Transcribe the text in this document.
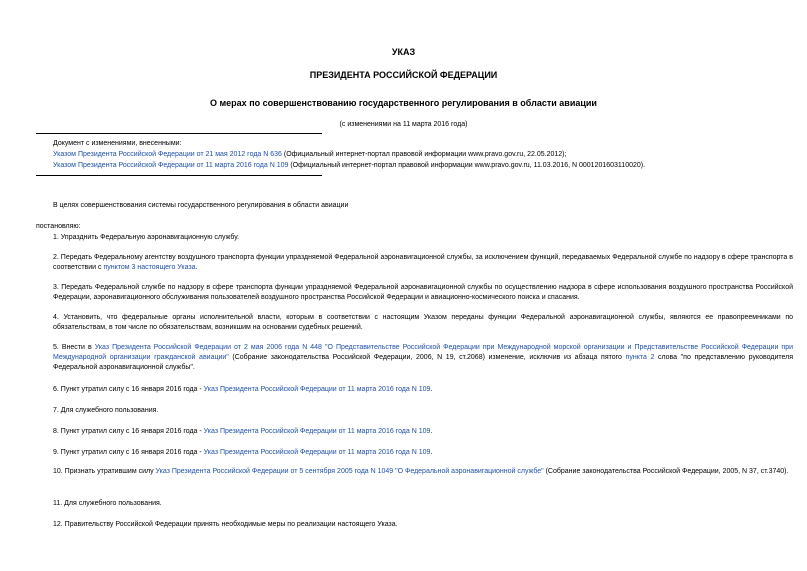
УКАЗ
ПРЕЗИДЕНТА РОССИЙСКОЙ ФЕДЕРАЦИИ
О мерах по совершенствованию государственного регулирования в области авиации
(с изменениями на 11 марта 2016 года)
Документ с изменениями, внесенными:
Указом Президента Российской Федерации от 21 мая 2012 года N 636 (Официальный интернет-портал правовой информации www.pravo.gov.ru, 22.05.2012);
Указом Президента Российской Федерации от 11 марта 2016 года N 109 (Официальный интернет-портал правовой информации www.pravo.gov.ru, 11.03.2016, N 0001201603110020).
В целях совершенствования системы государственного регулирования в области авиации
постановляю:
1. Упразднить Федеральную аэронавигационную службу.
2. Передать Федеральному агентству воздушного транспорта функции упраздняемой Федеральной аэронавигационной службы, за исключением функций, передаваемых Федеральной службе по надзору в сфере транспорта в соответствии с пунктом 3 настоящего Указа.
3. Передать Федеральной службе по надзору в сфере транспорта функции упраздняемой Федеральной аэронавигационной службы по осуществлению надзора в сфере использования воздушного пространства Российской Федерации, аэронавигационного обслуживания пользователей воздушного пространства Российской Федерации и авиационно-космического поиска и спасания.
4. Установить, что федеральные органы исполнительной власти, которым в соответствии с настоящим Указом переданы функции Федеральной аэронавигационной службы, являются ее правопреемниками по обязательствам, в том числе по обязательствам, возникшим на основании судебных решений.
5. Внести в Указ Президента Российской Федерации от 2 мая 2006 года N 448 "О Представительстве Российской Федерации при Международной морской организации и Представительстве Российской Федерации при Международной организации гражданской авиации" (Собрание законодательства Российской Федерации, 2006, N 19, ст.2068) изменение, исключив из абзаца пятого пункта 2 слова "по представлению руководителя Федеральной аэронавигационной службы".
6. Пункт утратил силу с 16 января 2016 года - Указ Президента Российской Федерации от 11 марта 2016 года N 109.
7. Для служебного пользования.
8. Пункт утратил силу с 16 января 2016 года - Указ Президента Российской Федерации от 11 марта 2016 года N 109.
9. Пункт утратил силу с 16 января 2016 года - Указ Президента Российской Федерации от 11 марта 2016 года N 109.
10. Признать утратившим силу Указ Президента Российской Федерации от 5 сентября 2005 года N 1049 "О Федеральной аэронавигационной службе" (Собрание законодательства Российской Федерации, 2005, N 37, ст.3740).
11. Для служебного пользования.
12. Правительству Российской Федерации принять необходимые меры по реализации настоящего Указа.
